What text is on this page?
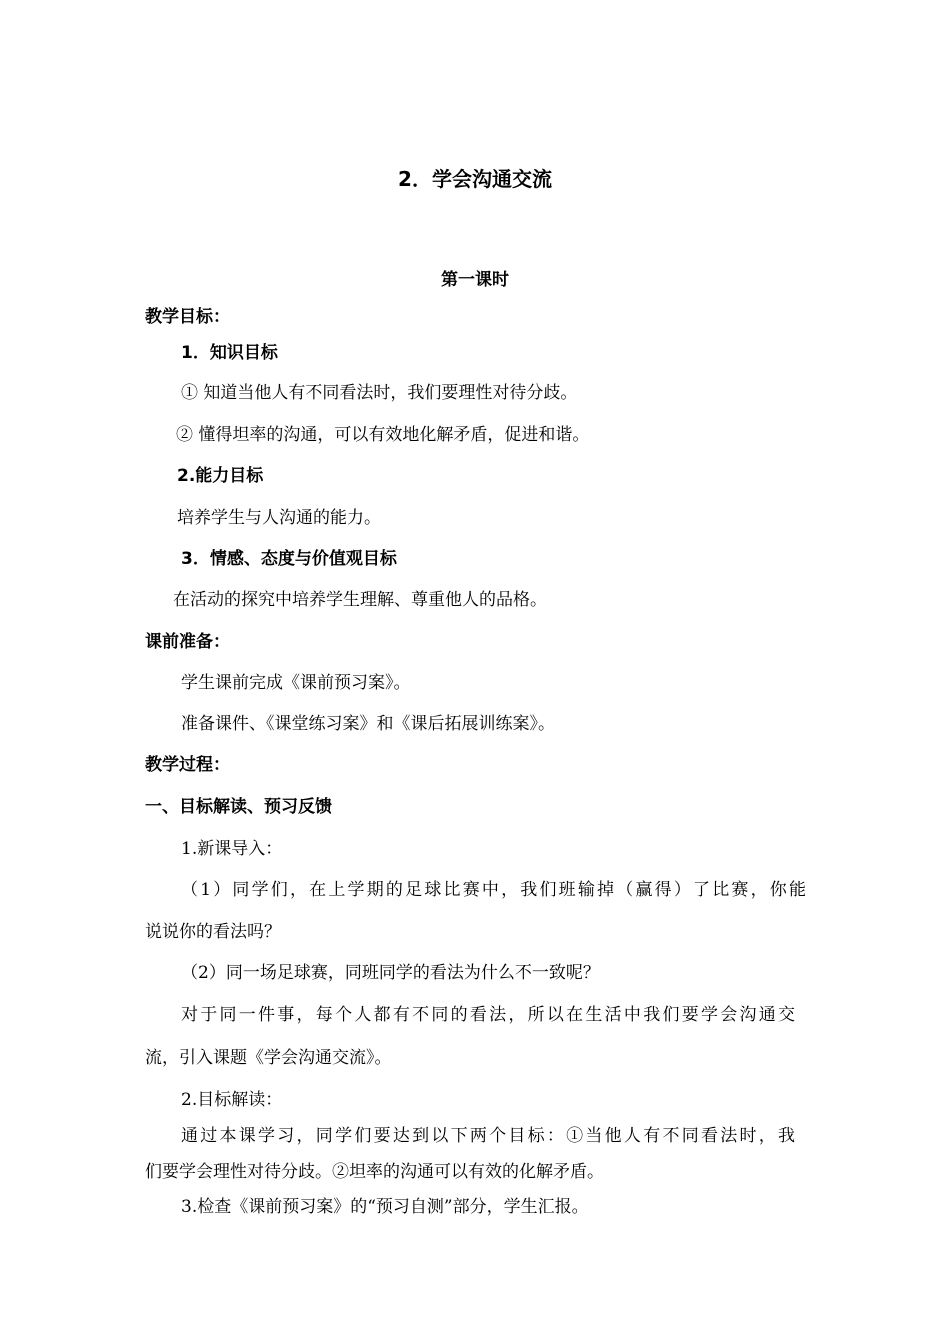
2．学会沟通交流
第一课时
教学目标：
1．知识目标
① 知道当他人有不同看法时，我们要理性对待分歧。
② 懂得坦率的沟通，可以有效地化解矛盾，促进和谐。
2.能力目标
培养学生与人沟通的能力。
3．情感、态度与价值观目标
在活动的探究中培养学生理解、尊重他人的品格。
课前准备：
学生课前完成《课前预习案》。
准备课件、《课堂练习案》和《课后拓展训练案》。
教学过程：
一、目标解读、预习反馈
1.新课导入：
（1）同学们，在上学期的足球比赛中，我们班输掉（赢得）了比赛，你能
说说你的看法吗？
（2）同一场足球赛，同班同学的看法为什么不一致呢？
对于同一件事，每个人都有不同的看法，所以在生活中我们要学会沟通交
流，引入课题《学会沟通交流》。
2.目标解读：
通过本课学习，同学们要达到以下两个目标：①当他人有不同看法时，我
们要学会理性对待分歧。②坦率的沟通可以有效的化解矛盾。
3.检查《课前预习案》的“预习自测”部分，学生汇报。
